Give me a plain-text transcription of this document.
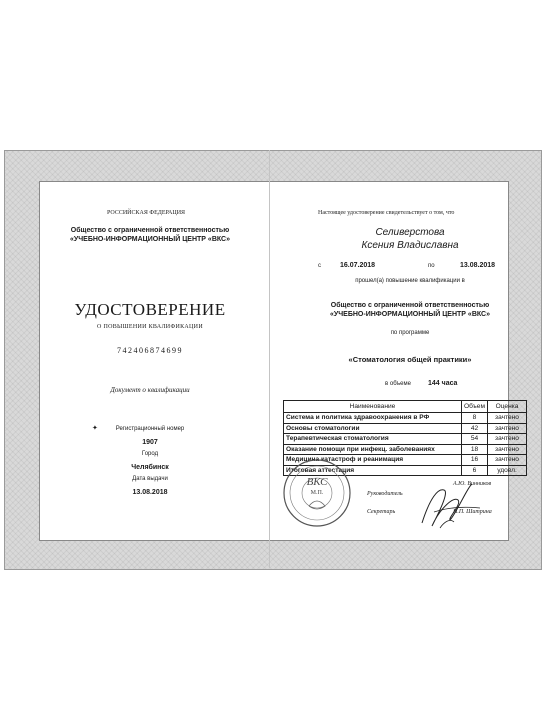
РОССИЙСКАЯ ФЕДЕРАЦИЯ
Общество с ограниченной ответственностью
«УЧЕБНО-ИНФОРМАЦИОННЫЙ ЦЕНТР «ВКС»
УДОСТОВЕРЕНИЕ
О ПОВЫШЕНИИ КВАЛИФИКАЦИИ
742406874699
Документ о квалификации
Регистрационный номер
1907
Город
Челябинск
Дата выдачи
13.08.2018
Настоящее удостоверение свидетельствует о том, что
Селиверстова
Ксения Владиславна
с	16.07.2018	по	13.08.2018
прошел(а) повышение квалификации в
Общество с ограниченной ответственностью
«УЧЕБНО-ИНФОРМАЦИОННЫЙ ЦЕНТР «ВКС»
по программе
«Стоматология общей практики»
в объеме 144 часа
Наименование	Объем	Оценка
Система и политика здравоохранения в РФ	8	зачтено
Основы стоматологии	42	зачтено
Терапевтическая стоматология	54	зачтено
Оказание помощи при инфекц. заболеваниях	18	зачтено
Медицина катастроф и реанимация	16	зачтено
Итоговая аттестация	6	удовл.
ВКС
М.П.	Руководитель
А.Ю. Винников
Секретарь	Н.П. Шитрина
✦
